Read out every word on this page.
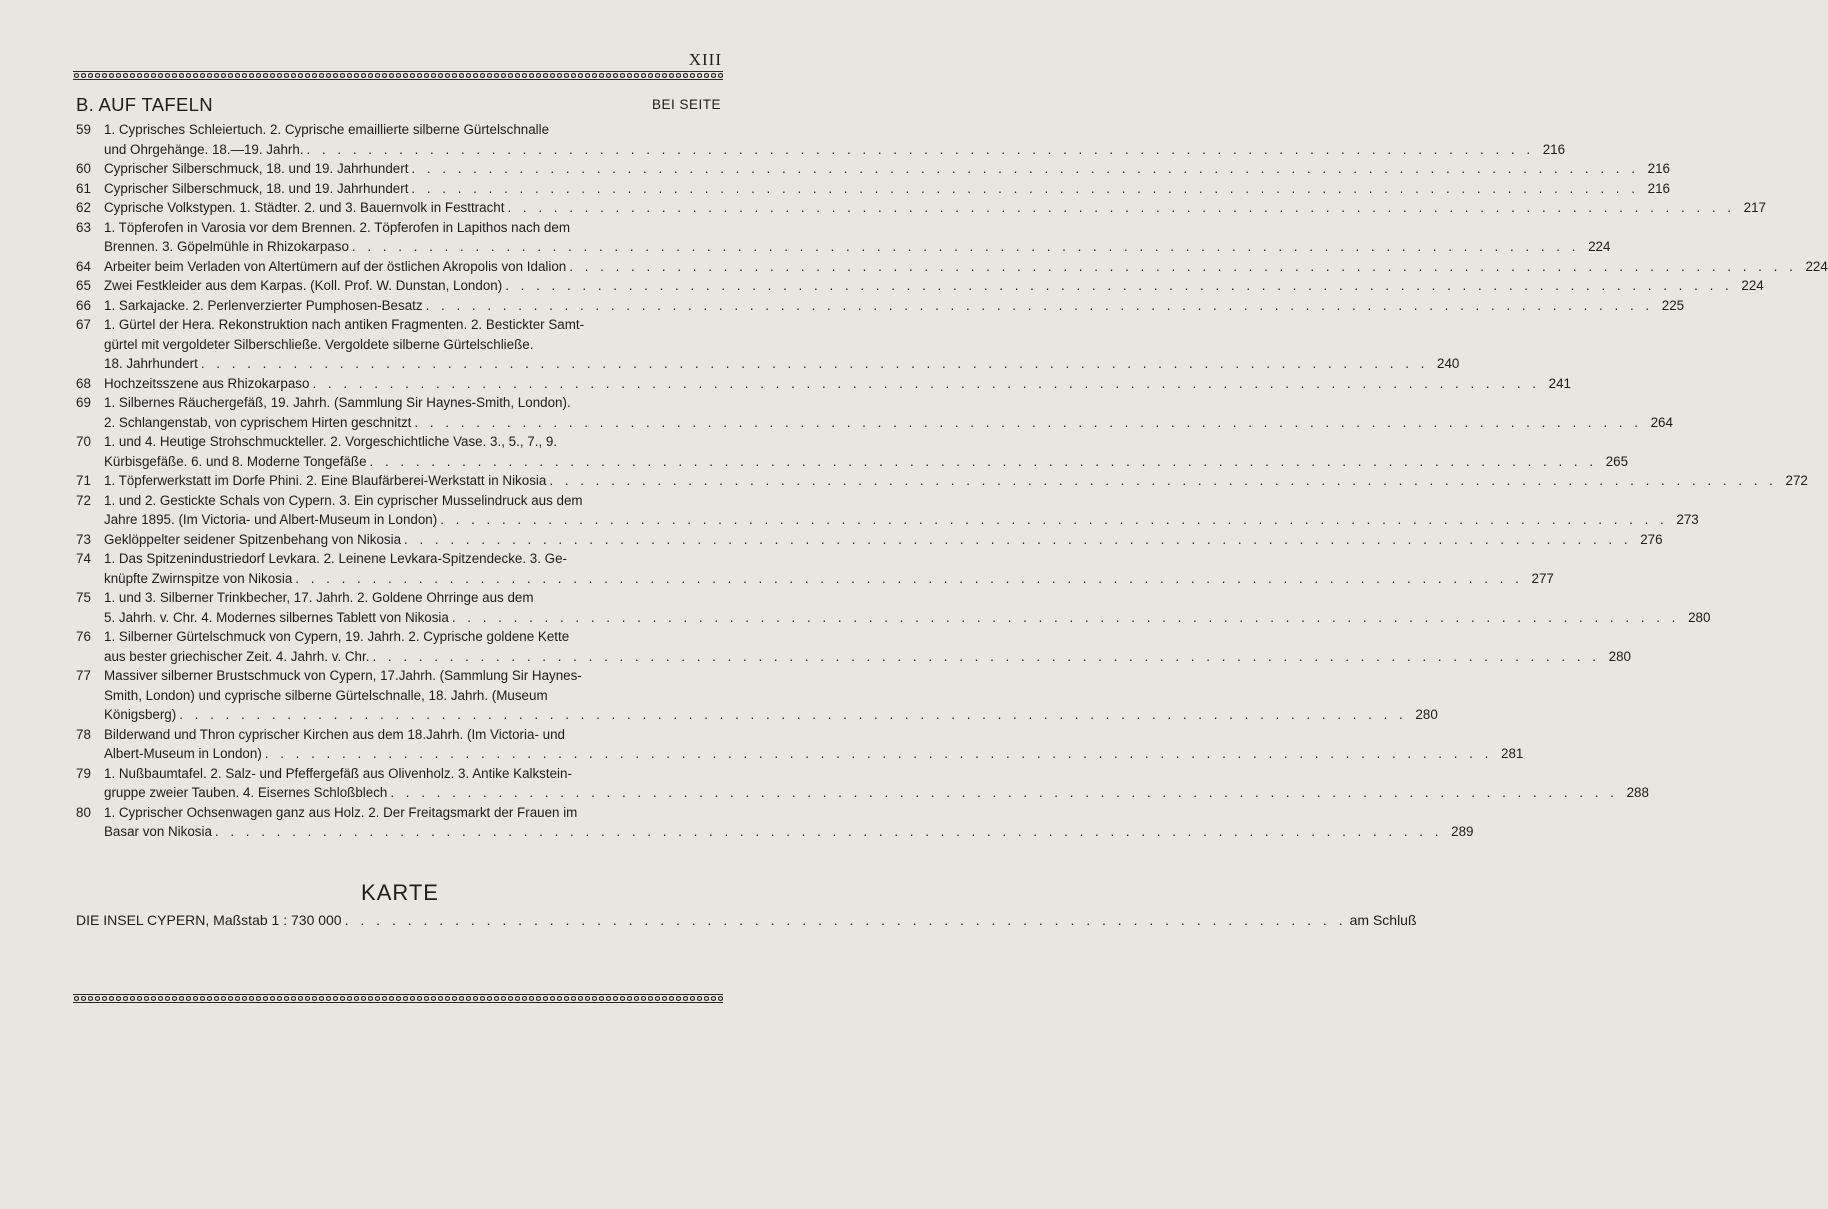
XIII
B. AUF TAFELN	BEI SEITE
59 1. Cyprisches Schleiertuch. 2. Cyprische emaillierte silberne Gürtelschnalle
und Ohrgehänge. 18.—19. Jahrh. . . . . . . . . . . . . . . . . . . . . . . . . . . . . . . . . . . . . . . . . . . . . . . . . . . . . . . . . . . . . . . . . . . . . . . . . . . . . . . . . 216
60 Cyprischer Silberschmuck, 18. und 19. Jahrhundert . . . . . . . . . . . . . . . . . . . . . . . . . . . . . . . . . . . . . . . . . . . . . . . . . . . . . . . . . . . . . . . . . . . . . . . . . . . . . . . . 216
61 Cyprischer Silberschmuck, 18. und 19. Jahrhundert . . . . . . . . . . . . . . . . . . . . . . . . . . . . . . . . . . . . . . . . . . . . . . . . . . . . . . . . . . . . . . . . . . . . . . . . . . . . . . . . 216
62 Cyprische Volkstypen. 1. Städter. 2. und 3. Bauernvolk in Festtracht . . . . . . . . . . . . . . . . . . . . . . . . . . . . . . . . . . . . . . . . . . . . . . . . . . . . . . . . . . . . . . . . . . . . . . . . . . . . . . . . 217
63 1. Töpferofen in Varosia vor dem Brennen. 2. Töpferofen in Lapithos nach dem
Brennen. 3. Göpelmühle in Rhizokarpaso . . . . . . . . . . . . . . . . . . . . . . . . . . . . . . . . . . . . . . . . . . . . . . . . . . . . . . . . . . . . . . . . . . . . . . . . . . . . . . . . 224
64 Arbeiter beim Verladen von Altertümern auf der östlichen Akropolis von Idalion . . . . . . . . . . . . . . . . . . . . . . . . . . . . . . . . . . . . . . . . . . . . . . . . . . . . . . . . . . . . . . . . . . . . . . . . . . . . . . . . 224
65 Zwei Festkleider aus dem Karpas. (Koll. Prof. W. Dunstan, London) . . . . . . . . . . . . . . . . . . . . . . . . . . . . . . . . . . . . . . . . . . . . . . . . . . . . . . . . . . . . . . . . . . . . . . . . . . . . . . . . 224
66 1. Sarkajacke. 2. Perlenverzierter Pumphosen-Besatz . . . . . . . . . . . . . . . . . . . . . . . . . . . . . . . . . . . . . . . . . . . . . . . . . . . . . . . . . . . . . . . . . . . . . . . . . . . . . . . . 225
67 1. Gürtel der Hera. Rekonstruktion nach antiken Fragmenten. 2. Bestickter Samt-
gürtel mit vergoldeter Silberschließe. Vergoldete silberne Gürtelschließe.
18. Jahrhundert . . . . . . . . . . . . . . . . . . . . . . . . . . . . . . . . . . . . . . . . . . . . . . . . . . . . . . . . . . . . . . . . . . . . . . . . . . . . . . . . 240
68 Hochzeitsszene aus Rhizokarpaso . . . . . . . . . . . . . . . . . . . . . . . . . . . . . . . . . . . . . . . . . . . . . . . . . . . . . . . . . . . . . . . . . . . . . . . . . . . . . . . . 241
69 1. Silbernes Räuchergefäß, 19. Jahrh. (Sammlung Sir Haynes-Smith, London).
2. Schlangenstab, von cyprischem Hirten geschnitzt . . . . . . . . . . . . . . . . . . . . . . . . . . . . . . . . . . . . . . . . . . . . . . . . . . . . . . . . . . . . . . . . . . . . . . . . . . . . . . . . 264
70 1. und 4. Heutige Strohschmuckteller. 2. Vorgeschichtliche Vase. 3., 5., 7., 9.
Kürbisgefäße. 6. und 8. Moderne Tongefäße . . . . . . . . . . . . . . . . . . . . . . . . . . . . . . . . . . . . . . . . . . . . . . . . . . . . . . . . . . . . . . . . . . . . . . . . . . . . . . . . 265
71 1. Töpferwerkstatt im Dorfe Phini. 2. Eine Blaufärberei-Werkstatt in Nikosia . . . . . . . . . . . . . . . . . . . . . . . . . . . . . . . . . . . . . . . . . . . . . . . . . . . . . . . . . . . . . . . . . . . . . . . . . . . . . . . . 272
72 1. und 2. Gestickte Schals von Cypern. 3. Ein cyprischer Musselindruck aus dem
Jahre 1895. (Im Victoria- und Albert-Museum in London) . . . . . . . . . . . . . . . . . . . . . . . . . . . . . . . . . . . . . . . . . . . . . . . . . . . . . . . . . . . . . . . . . . . . . . . . . . . . . . . . 273
73 Geklöppelter seidener Spitzenbehang von Nikosia . . . . . . . . . . . . . . . . . . . . . . . . . . . . . . . . . . . . . . . . . . . . . . . . . . . . . . . . . . . . . . . . . . . . . . . . . . . . . . . . 276
74 1. Das Spitzenindustriedorf Levkara. 2. Leinene Levkara-Spitzendecke. 3. Ge-
knüpfte Zwirnspitze von Nikosia . . . . . . . . . . . . . . . . . . . . . . . . . . . . . . . . . . . . . . . . . . . . . . . . . . . . . . . . . . . . . . . . . . . . . . . . . . . . . . . . 277
75 1. und 3. Silberner Trinkbecher, 17. Jahrh. 2. Goldene Ohrringe aus dem
5. Jahrh. v. Chr. 4. Modernes silbernes Tablett von Nikosia . . . . . . . . . . . . . . . . . . . . . . . . . . . . . . . . . . . . . . . . . . . . . . . . . . . . . . . . . . . . . . . . . . . . . . . . . . . . . . . . 280
76 1. Silberner Gürtelschmuck von Cypern, 19. Jahrh. 2. Cyprische goldene Kette
aus bester griechischer Zeit. 4. Jahrh. v. Chr. . . . . . . . . . . . . . . . . . . . . . . . . . . . . . . . . . . . . . . . . . . . . . . . . . . . . . . . . . . . . . . . . . . . . . . . . . . . . . . . . 280
77 Massiver silberner Brustschmuck von Cypern, 17.Jahrh. (Sammlung Sir Haynes-
Smith, London) und cyprische silberne Gürtelschnalle, 18. Jahrh. (Museum
Königsberg) . . . . . . . . . . . . . . . . . . . . . . . . . . . . . . . . . . . . . . . . . . . . . . . . . . . . . . . . . . . . . . . . . . . . . . . . . . . . . . . . 280
78 Bilderwand und Thron cyprischer Kirchen aus dem 18.Jahrh. (Im Victoria- und
Albert-Museum in London) . . . . . . . . . . . . . . . . . . . . . . . . . . . . . . . . . . . . . . . . . . . . . . . . . . . . . . . . . . . . . . . . . . . . . . . . . . . . . . . . 281
79 1. Nußbaumtafel. 2. Salz- und Pfeffergefäß aus Olivenholz. 3. Antike Kalkstein-
gruppe zweier Tauben. 4. Eisernes Schloßblech . . . . . . . . . . . . . . . . . . . . . . . . . . . . . . . . . . . . . . . . . . . . . . . . . . . . . . . . . . . . . . . . . . . . . . . . . . . . . . . . 288
80 1. Cyprischer Ochsenwagen ganz aus Holz. 2. Der Freitagsmarkt der Frauen im
Basar von Nikosia . . . . . . . . . . . . . . . . . . . . . . . . . . . . . . . . . . . . . . . . . . . . . . . . . . . . . . . . . . . . . . . . . . . . . . . . . . . . . . . . 289
KARTE
DIE INSEL CYPERN, Maßstab 1 : 730 000 . . . . . . . . . . . . . . . . . . . . . . . . . . . . . . . . . . . . . . . . . . . . . . . . . . . . . . . . . . . . . . . . am Schluß
